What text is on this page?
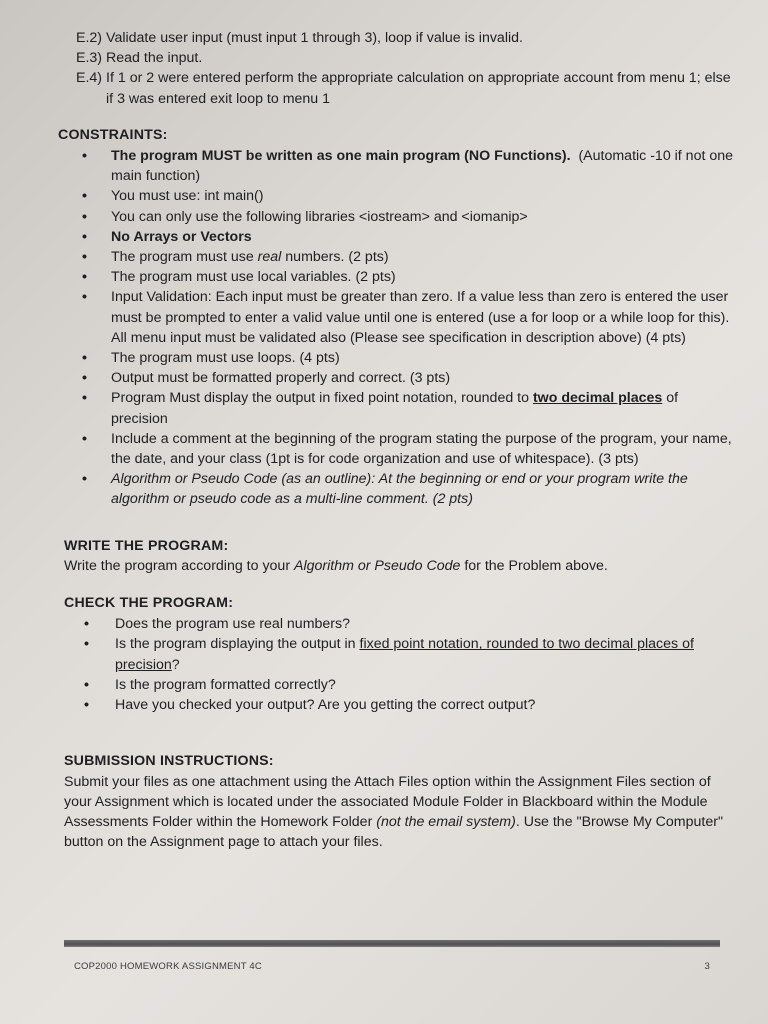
E.2) Validate user input (must input 1 through 3), loop if value is invalid.
E.3) Read the input.
E.4) If 1 or 2 were entered perform the appropriate calculation on appropriate account from menu 1; else if 3 was entered exit loop to menu 1
CONSTRAINTS:
•	The program MUST be written as one main program (NO Functions). (Automatic -10 if not one main function)
•	You must use: int main()
•	You can only use the following libraries <iostream> and <iomanip>
•	No Arrays or Vectors
•	The program must use real numbers. (2 pts)
•	The program must use local variables. (2 pts)
•	Input Validation: Each input must be greater than zero. If a value less than zero is entered the user must be prompted to enter a valid value until one is entered (use a for loop or a while loop for this). All menu input must be validated also (Please see specification in description above) (4 pts)
•	The program must use loops. (4 pts)
•	Output must be formatted properly and correct. (3 pts)
•	Program Must display the output in fixed point notation, rounded to two decimal places of precision
•	Include a comment at the beginning of the program stating the purpose of the program, your name, the date, and your class (1pt is for code organization and use of whitespace). (3 pts)
•	Algorithm or Pseudo Code (as an outline): At the beginning or end or your program write the algorithm or pseudo code as a multi-line comment. (2 pts)
WRITE THE PROGRAM:
Write the program according to your Algorithm or Pseudo Code for the Problem above.
CHECK THE PROGRAM:
•	Does the program use real numbers?
•	Is the program displaying the output in fixed point notation, rounded to two decimal places of precision?
•	Is the program formatted correctly?
•	Have you checked your output? Are you getting the correct output?
SUBMISSION INSTRUCTIONS:
Submit your files as one attachment using the Attach Files option within the Assignment Files section of your Assignment which is located under the associated Module Folder in Blackboard within the Module Assessments Folder within the Homework Folder (not the email system). Use the "Browse My Computer" button on the Assignment page to attach your files.
COP2000 HOMEWORK ASSIGNMENT 4C	3
